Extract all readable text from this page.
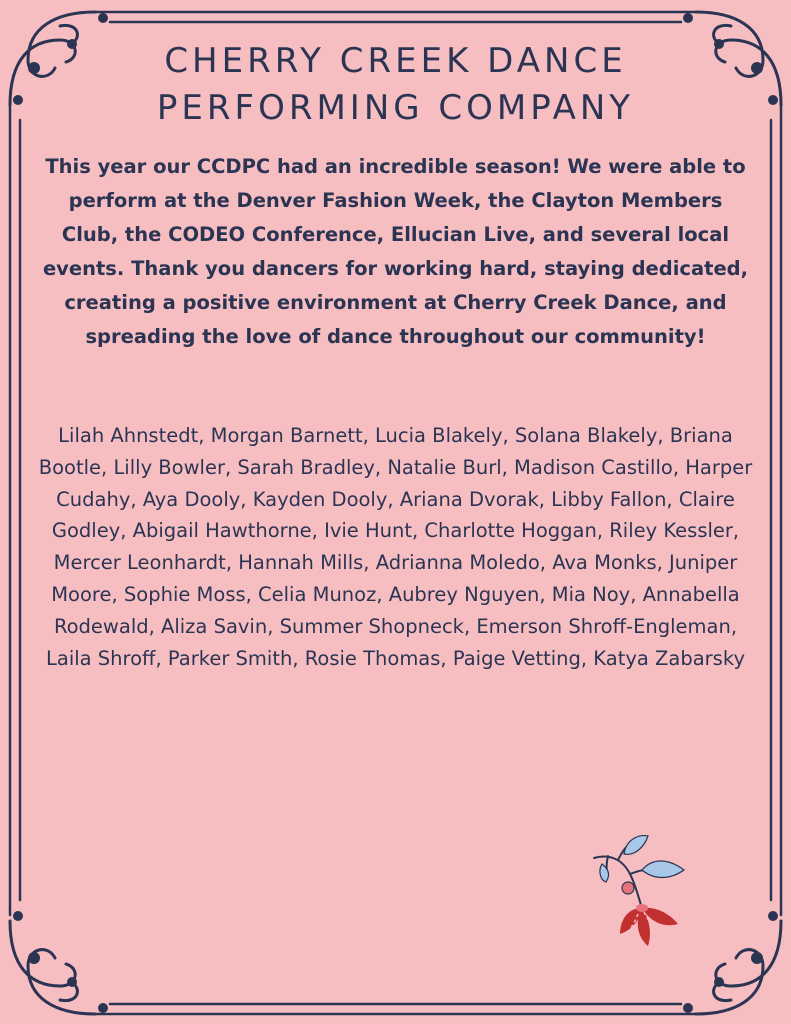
CHERRY CREEK DANCE
PERFORMING COMPANY

This year our CCDPC had an incredible season! We were able to perform at the Denver Fashion Week, the Clayton Members Club, the CODEO Conference, Ellucian Live, and several local events. Thank you dancers for working hard, staying dedicated, creating a positive environment at Cherry Creek Dance, and spreading the love of dance throughout our community!

Lilah Ahnstedt, Morgan Barnett, Lucia Blakely, Solana Blakely, Briana Bootle, Lilly Bowler, Sarah Bradley, Natalie Burl, Madison Castillo, Harper Cudahy, Aya Dooly, Kayden Dooly, Ariana Dvorak, Libby Fallon, Claire Godley, Abigail Hawthorne, Ivie Hunt, Charlotte Hoggan, Riley Kessler, Mercer Leonhardt, Hannah Mills, Adrianna Moledo, Ava Monks, Juniper Moore, Sophie Moss, Celia Munoz, Aubrey Nguyen, Mia Noy, Annabella Rodewald, Aliza Savin, Summer Shopneck, Emerson Shroff-Engleman, Laila Shroff, Parker Smith, Rosie Thomas, Paige Vetting, Katya Zabarsky
